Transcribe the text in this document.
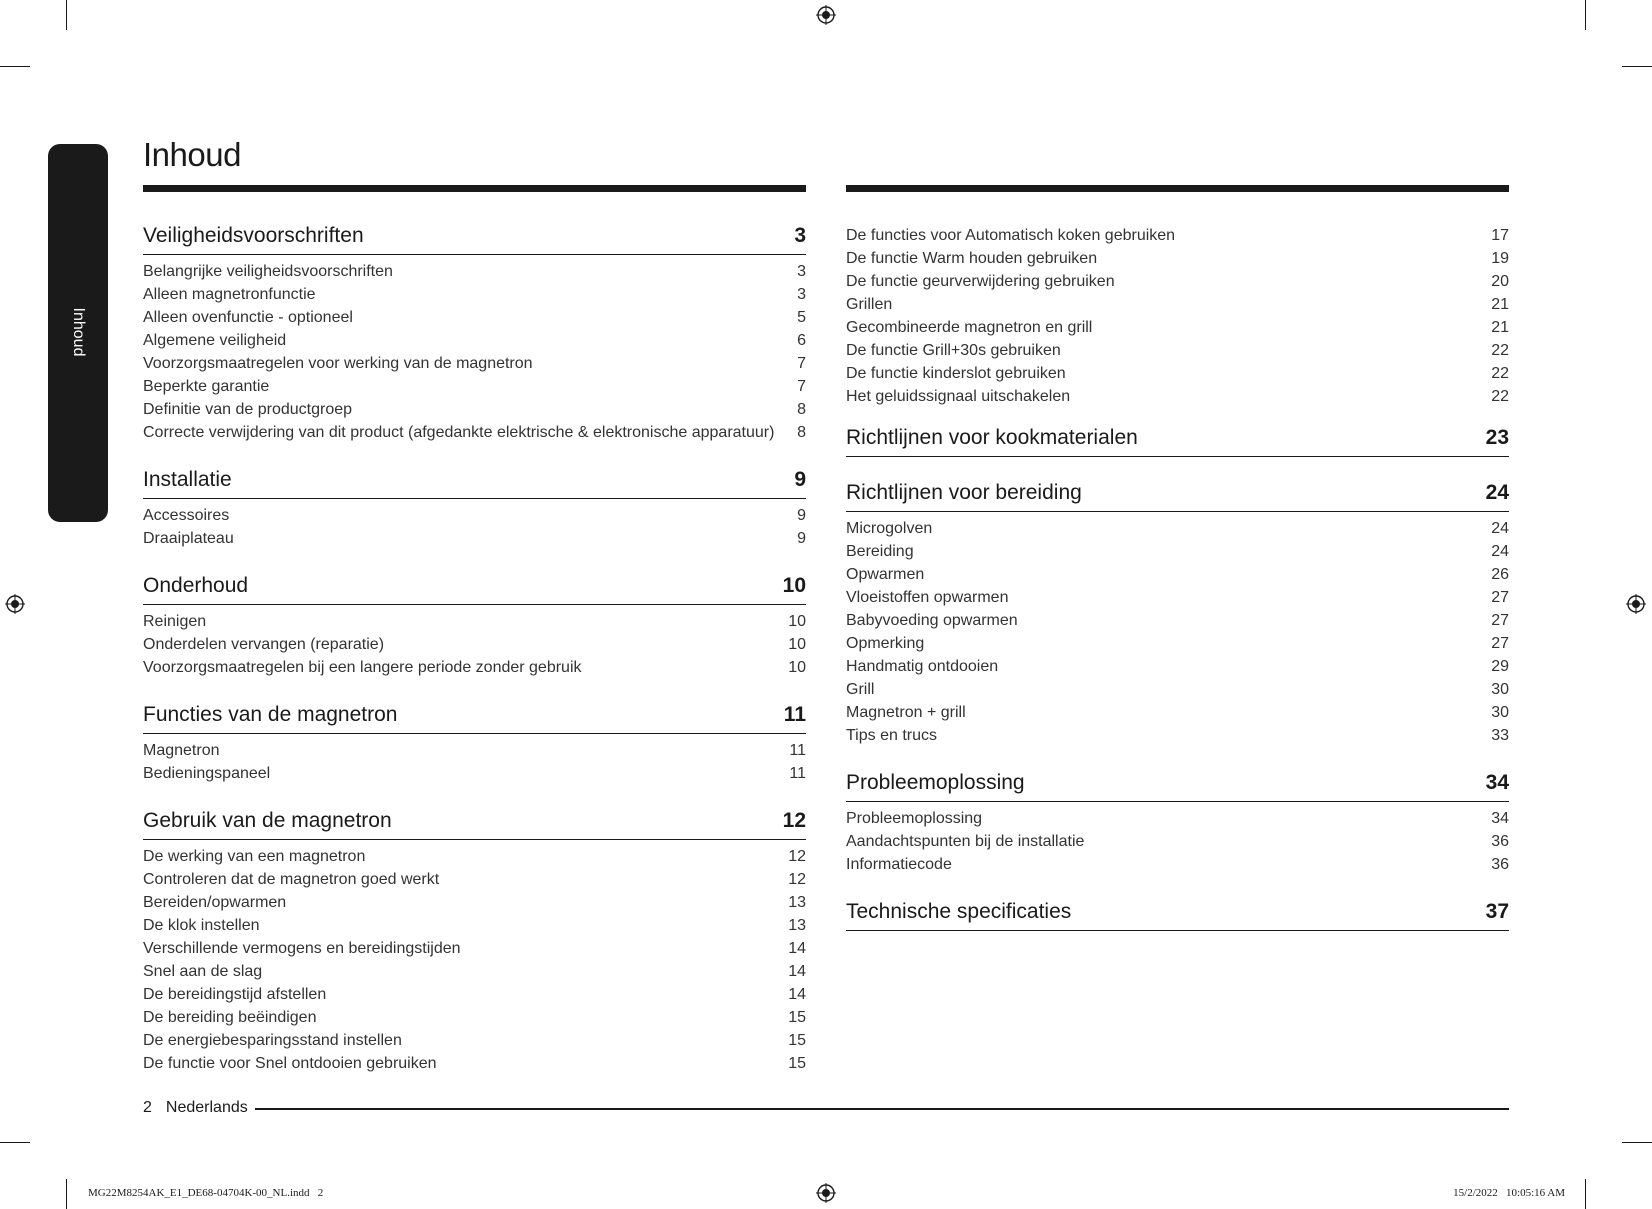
Inhoud
Inhoud
Veiligheidsvoorschriften	3
Belangrijke veiligheidsvoorschriften	3
Alleen magnetronfunctie	3
Alleen ovenfunctie - optioneel	5
Algemene veiligheid	6
Voorzorgsmaatregelen voor werking van de magnetron	7
Beperkte garantie	7
Definitie van de productgroep	8
Correcte verwijdering van dit product (afgedankte elektrische & elektronische apparatuur) 8
Installatie	9
Accessoires	9
Draaiplateau	9
Onderhoud	10
Reinigen	10
Onderdelen vervangen (reparatie)	10
Voorzorgsmaatregelen bij een langere periode zonder gebruik	10
Functies van de magnetron	11
Magnetron	11
Bedieningspaneel	11
Gebruik van de magnetron	12
De werking van een magnetron	12
Controleren dat de magnetron goed werkt	12
Bereiden/opwarmen	13
De klok instellen	13
Verschillende vermogens en bereidingstijden	14
Snel aan de slag	14
De bereidingstijd afstellen	14
De bereiding beëindigen	15
De energiebesparingsstand instellen	15
De functie voor Snel ontdooien gebruiken	15
De functies voor Automatisch koken gebruiken	17
De functie Warm houden gebruiken	19
De functie geurverwijdering gebruiken	20
Grillen	21
Gecombineerde magnetron en grill	21
De functie Grill+30s gebruiken	22
De functie kinderslot gebruiken	22
Het geluidssignaal uitschakelen	22
Richtlijnen voor kookmaterialen	23
Richtlijnen voor bereiding	24
Microgolven	24
Bereiding	24
Opwarmen	26
Vloeistoffen opwarmen	27
Babyvoeding opwarmen	27
Opmerking	27
Handmatig ontdooien	29
Grill	30
Magnetron + grill	30
Tips en trucs	33
Probleemoplossing	34
Probleemoplossing	34
Aandachtspunten bij de installatie	36
Informatiecode	36
Technische specificaties	37
2 Nederlands
MG22M8254AK_E1_DE68-04704K-00_NL.indd   2	15/2/2022   10:05:16 AM
